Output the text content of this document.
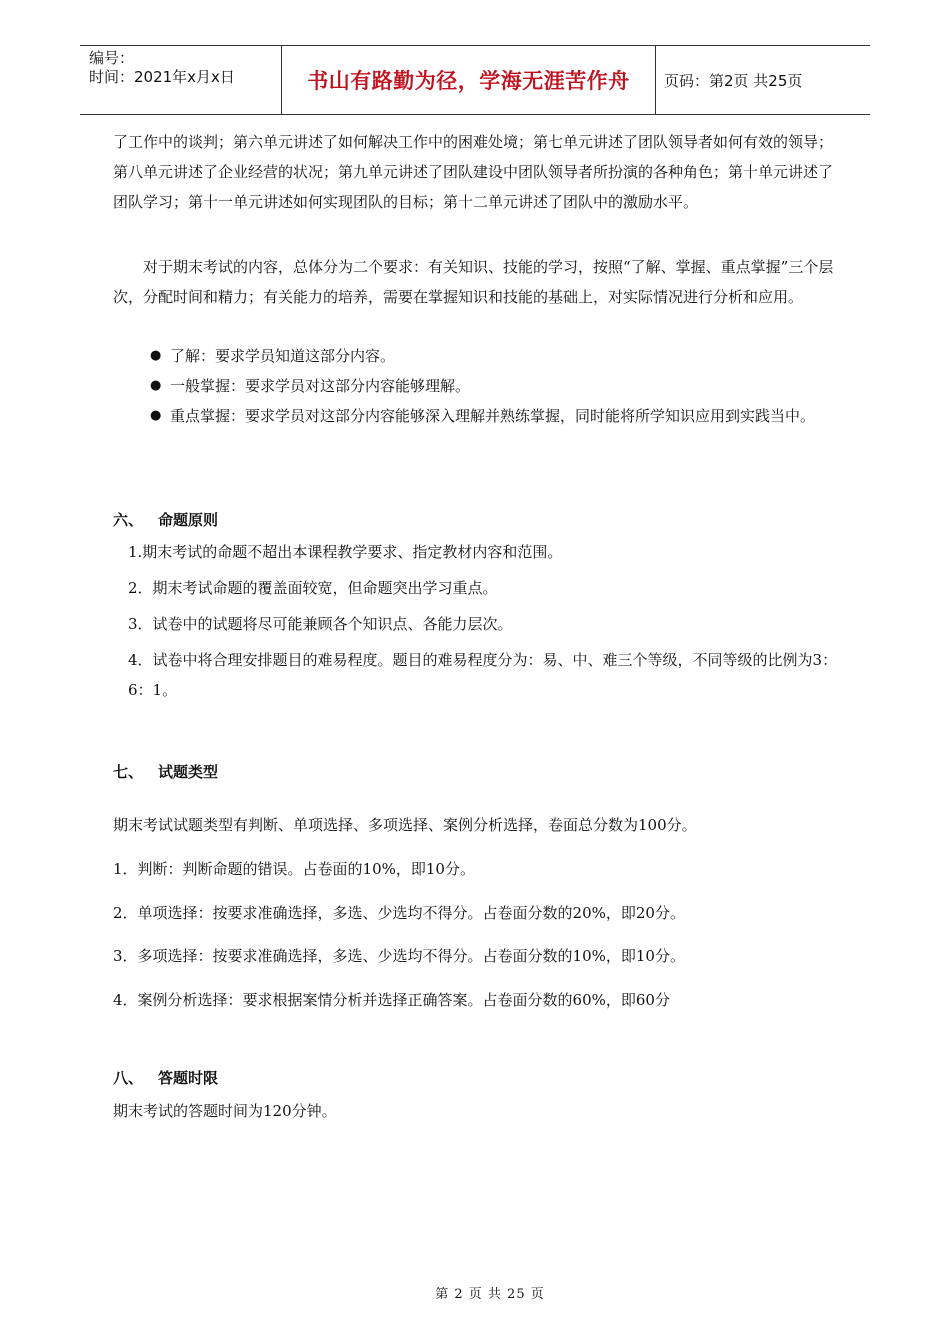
编号：
时间：2021年x月x日	书山有路勤为径，学海无涯苦作舟	页码：第2页 共25页

了工作中的谈判；第六单元讲述了如何解决工作中的困难处境；第七单元讲述了团队领导者如何有效的领导；第八单元讲述了企业经营的状况；第九单元讲述了团队建设中团队领导者所扮演的各种角色；第十单元讲述了团队学习；第十一单元讲述如何实现团队的目标；第十二单元讲述了团队中的激励水平。

对于期末考试的内容，总体分为二个要求：有关知识、技能的学习，按照“了解、掌握、重点掌握”三个层次，分配时间和精力；有关能力的培养，需要在掌握知识和技能的基础上，对实际情况进行分析和应用。

● 了解：要求学员知道这部分内容。
● 一般掌握：要求学员对这部分内容能够理解。
● 重点掌握：要求学员对这部分内容能够深入理解并熟练掌握，同时能将所学知识应用到实践当中。
六、 命题原则

1.期末考试的命题不超出本课程教学要求、指定教材内容和范围。

2．期末考试命题的覆盖面较宽，但命题突出学习重点。

3．试卷中的试题将尽可能兼顾各个知识点、各能力层次。

4．试卷中将合理安排题目的难易程度。题目的难易程度分为：易、中、难三个等级，不同等级的比例为3：6：1。

七、 试题类型
期末考试试题类型有判断、单项选择、多项选择、案例分析选择，卷面总分数为100分。
1．判断：判断命题的错误。占卷面的10%，即10分。
2．单项选择：按要求准确选择，多选、少选均不得分。占卷面分数的20%，即20分。
3．多项选择：按要求准确选择，多选、少选均不得分。占卷面分数的10%，即10分。
4．案例分析选择：要求根据案情分析并选择正确答案。占卷面分数的60%，即60分
八、 答题时限
期末考试的答题时间为120分钟。
第 2 页 共 25 页
